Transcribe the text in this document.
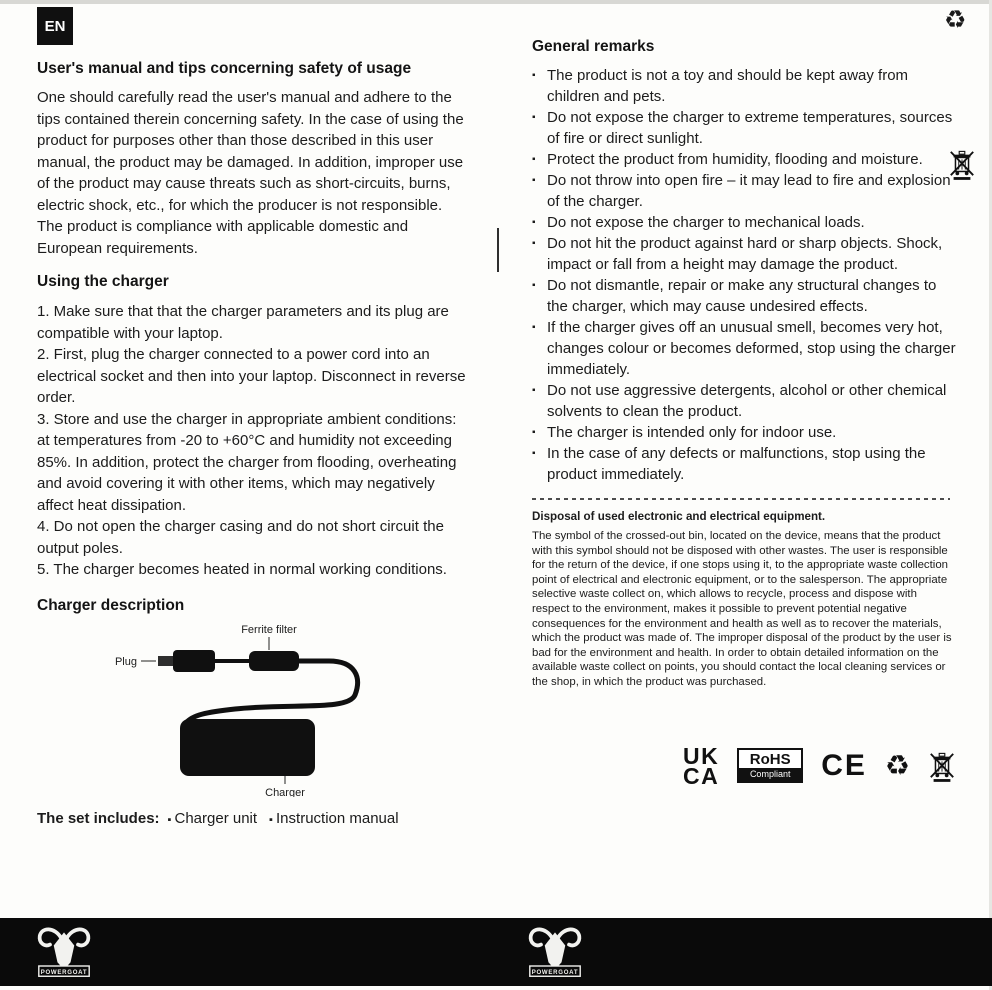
EN	♻
User's manual and tips concerning safety of usage

One should carefully read the user's manual and adhere to the tips contained therein concerning safety. In the case of using the product for purposes other than those described in this user manual, the product may be damaged. In addition, improper use of the product may cause threats such as short-circuits, burns, electric shock, etc., for which the producer is not responsible. The product is compliance with applicable domestic and European requirements.

Using the charger

1. Make sure that that the charger parameters and its plug are compatible with your laptop.

2. First, plug the charger connected to a power cord into an electrical socket and then into your laptop. Disconnect in reverse order.

3. Store and use the charger in appropriate ambient conditions: at temperatures from -20 to +60°C and humidity not exceeding 85%. In addition, protect the charger from flooding, overheating and avoid covering it with other items, which may negatively affect heat dissipation.

4. Do not open the charger casing and do not short circuit the output poles.

5. The charger becomes heated in normal working conditions.

Charger description
Ferrite filter
Plug
Charger
The set includes: ▪ Charger unit ▪ Instruction manual
General remarks
▪ The product is not a toy and should be kept away from children and pets.
▪ Do not expose the charger to extreme temperatures, sources of fire or direct sunlight.
▪ Protect the product from humidity, flooding and moisture.
▪ Do not throw into open fire – it may lead to fire and explosion of the charger.
▪ Do not expose the charger to mechanical loads.
▪ Do not hit the product against hard or sharp objects. Shock, impact or fall from a height may damage the product.
▪ Do not dismantle, repair or make any structural changes to the charger, which may cause undesired effects.
▪ If the charger gives off an unusual smell, becomes very hot, changes colour or becomes deformed, stop using the charger immediately.
▪ Do not use aggressive detergents, alcohol or other chemical solvents to clean the product.
▪ The charger is intended only for indoor use.
▪ In the case of any defects or malfunctions, stop using the product immediately.

Disposal of used electronic and electrical equipment.

The symbol of the crossed-out bin, located on the device, means that the product with this symbol should not be disposed with other wastes. The user is responsible for the return of the device, if one stops using it, to the appropriate waste collection point of electrical and electronic equipment, or to the salesperson. The appropriate selective waste collect on, which allows to recycle, process and dispose with respect to the environment, makes it possible to prevent potential negative consequences for the environment and health as well as to recover the materials, which the product was made of. The improper disposal of the product by the user is bad for the environment and health. In order to obtain detailed information on the available waste collect on points, you should contact the local cleaning services or the shop, in which the product was purchased.

UK
CA
RoHS
Compliant	CE ♻
POWERGOAT	POWERGOAT
